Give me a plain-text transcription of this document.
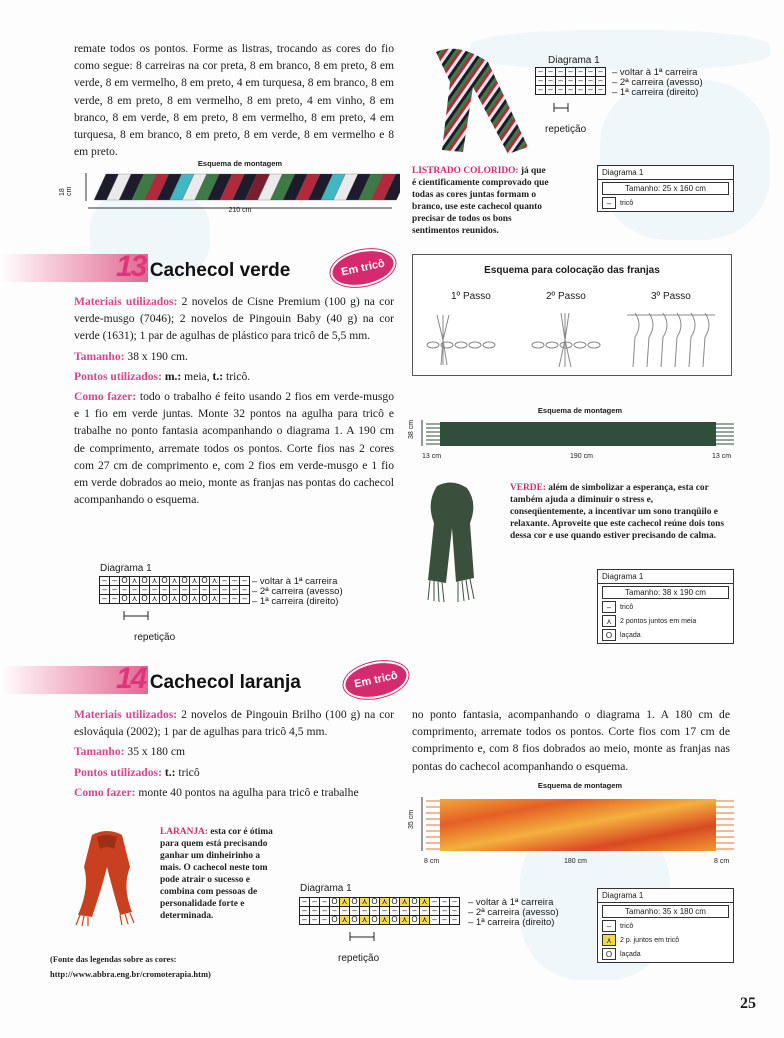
remate todos os pontos. Forme as listras, trocando as cores do fio como segue: 8 carreiras na cor preta, 8 em branco, 8 em preto, 8 em verde, 8 em vermelho, 8 em preto, 4 em turquesa, 8 em branco, 8 em verde, 8 em preto, 8 em vermelho, 8 em preto, 4 em vinho, 8 em branco, 8 em verde, 8 em preto, 8 em vermelho, 8 em preto, 4 em turquesa, 8 em branco, 8 em preto, 8 em verde, 8 em vermelho e 8 em preto.
Esquema de montagem
18 cm
210 cm
13 Cachecol verde	Em tricô
Materiais utilizados: 2 novelos de Cisne Premium (100 g) na cor verde-musgo (7046); 2 novelos de Pingouin Baby (40 g) na cor verde (1631); 1 par de agulhas de plástico para tricô de 5,5 mm.
Tamanho: 38 x 190 cm.
Pontos utilizados: m.: meia, t.: tricô.
Como fazer: todo o trabalho é feito usando 2 fios em verde-musgo e 1 fio em verde juntas. Monte 32 pontos na agulha para tricô e trabalhe no ponto fantasia acompanhando o diagrama 1. A 190 cm de comprimento, arremate todos os pontos. Corte fios nas 2 cores com 27 cm de comprimento e, com 2 fios em verde-musgo e 1 fio em verde dobrados ao meio, monte as franjas nas pontas do cachecol acompanhando o esquema.
Diagrama 1
–	–	O	⋏	O	⋏	O	⋏	O	⋏	O	⋏	–	–	–
–	–	–	–	–	–	–	–	–	–	–	–	–	–	–
–	–	O	⋏	O	⋏	O	⋏	O	⋏	O	⋏	–	–	–
– voltar à 1ª carreira
– 2ª carreira (avesso)
– 1ª carreira (direito)
repetição
14 Cachecol laranja	Em tricô
Materiais utilizados: 2 novelos de Pingouin Brilho (100 g) na cor eslováquia (2002); 1 par de agulhas para tricô 4,5 mm.
Tamanho: 35 x 180 cm
Pontos utilizados: t.: tricô
Como fazer: monte 40 pontos na agulha para tricô e trabalhe
LARANJA: esta cor é ótima para quem está precisando ganhar um dinheirinho a mais. O cachecol neste tom pode atrair o sucesso e combina com pessoas de personalidade forte e determinada.
Diagrama 1
–	–	–	O	⋏	O	⋏	O	⋏	O	⋏	O	⋏	–	–	–
–	–	–	–	–	–	–	–	–	–	–	–	–	–	–	–
–	–	–	O	⋏	O	⋏	O	⋏	O	⋏	O	⋏	–	–	–
– voltar à 1ª carreira
– 2ª carreira (avesso)
– 1ª carreira (direito)
repetição
(Fonte das legendas sobre as cores:
http://www.abbra.eng.br/cromoterapia.htm)
Diagrama 1
–	–	–	–	–	–	–
–	–	–	–	–	–	–
–	–	–	–	–	–	–
– voltar à 1ª carreira
– 2ª carreira (avesso)
– 1ª carreira (direito)
repetição
LISTRADO COLORIDO: já que é cientificamente comprovado que todas as cores juntas formam o branco, use este cachecol quanto precisar de todos os bons sentimentos reunidos.
Diagrama 1
Tamanho: 25 x 160 cm
–	tricô
Esquema para colocação das franjas
1º Passo	2º Passo	3º Passo
Esquema de montagem
38 cm
13 cm	190 cm	13 cm
VERDE: além de simbolizar a esperança, esta cor também ajuda a diminuir o stress e, conseqüentemente, a incentivar um sono tranqüilo e relaxante. Aproveite que este cachecol reúne dois tons dessa cor e use quando estiver precisando de calma.
Diagrama 1
Tamanho: 38 x 190 cm
–	tricô
⋏	2 pontos juntos em meia
O	laçada
no ponto fantasia, acompanhando o diagrama 1. A 180 cm de comprimento, arremate todos os pontos. Corte fios com 17 cm de comprimento e, com 8 fios dobrados ao meio, monte as franjas nas pontas do cachecol acompanhando o esquema.
Esquema de montagem
35 cm
8 cm	180 cm	8 cm
Diagrama 1
Tamanho: 35 x 180 cm
–	tricô
⋏	2 p. juntos em tricô
O	laçada
25
